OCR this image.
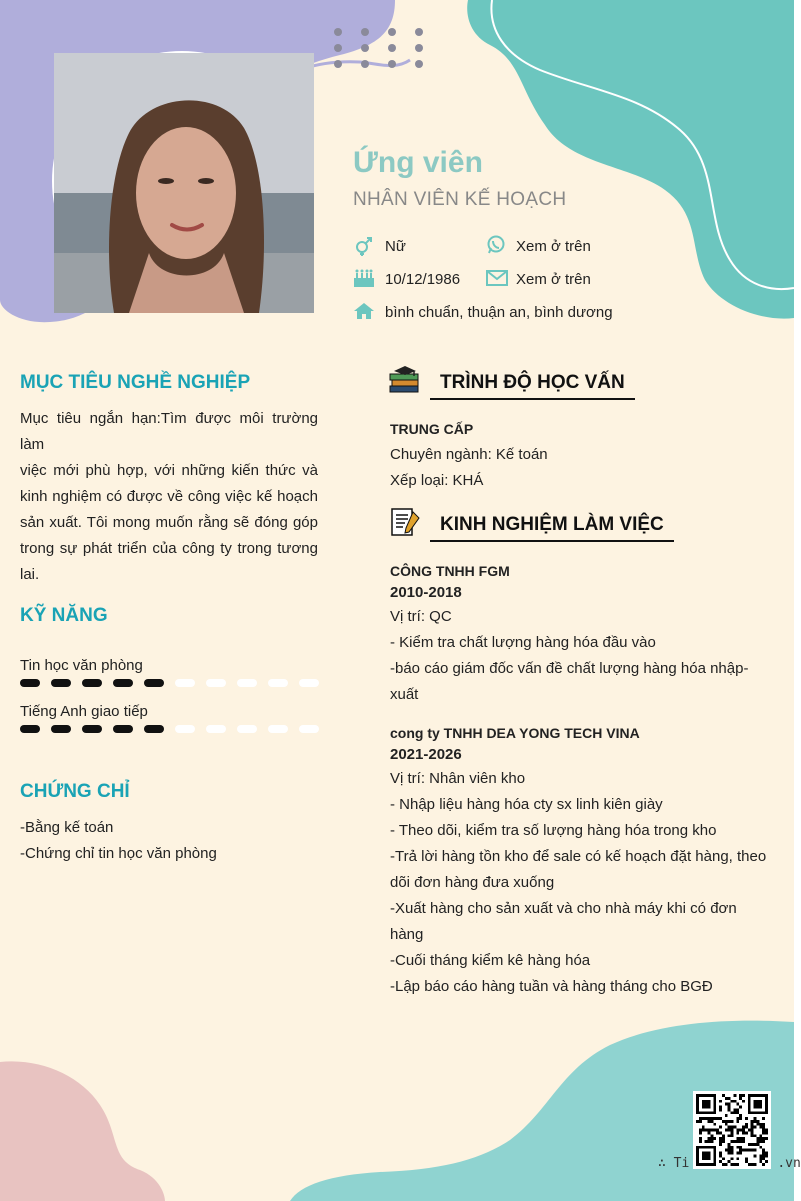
Ứng viên
NHÂN VIÊN KẾ HOẠCH
Nữ	Xem ở trên
10/12/1986	Xem ở trên
bình chuẩn, thuận an, bình dương
MỤC TIÊU NGHỀ NGHIỆP
Mục tiêu ngắn hạn:Tìm được môi trường làm
việc mới phù hợp, với những kiến thức và
kinh nghiệm có được về công việc kế hoạch
sản xuất. Tôi mong muốn rằng sẽ đóng góp
trong sự phát triển của công ty trong tương
lai.
KỸ NĂNG
Tin học văn phòng
Tiếng Anh giao tiếp
CHỨNG CHỈ
-Bằng kế toán
-Chứng chỉ tin học văn phòng
TRÌNH ĐỘ HỌC VẤN
TRUNG CẤP
Chuyên ngành: Kế toán
Xếp loại: KHÁ
KINH NGHIỆM LÀM VIỆC
CÔNG TNHH FGM
2010-2018
Vị trí: QC
- Kiểm tra chất lượng hàng hóa đầu vào
-báo cáo giám đốc vấn đề chất lượng hàng hóa nhập-
xuất
cong ty TNHH DEA YONG TECH VINA
2021-2026
Vị trí: Nhân viên kho
- Nhập liệu hàng hóa cty sx linh kiên giày
- Theo dõi, kiểm tra số lượng hàng hóa trong kho
-Trả lời hàng tồn kho để sale có kế hoạch đặt hàng, theo
dõi đơn hàng đưa xuống
-Xuất hàng cho sản xuất và cho nhà máy khi có đơn
hàng
-Cuối tháng kiểm kê hàng hóa
-Lập báo cáo hàng tuần và hàng tháng cho BGĐ
∴ Ti	.vn
